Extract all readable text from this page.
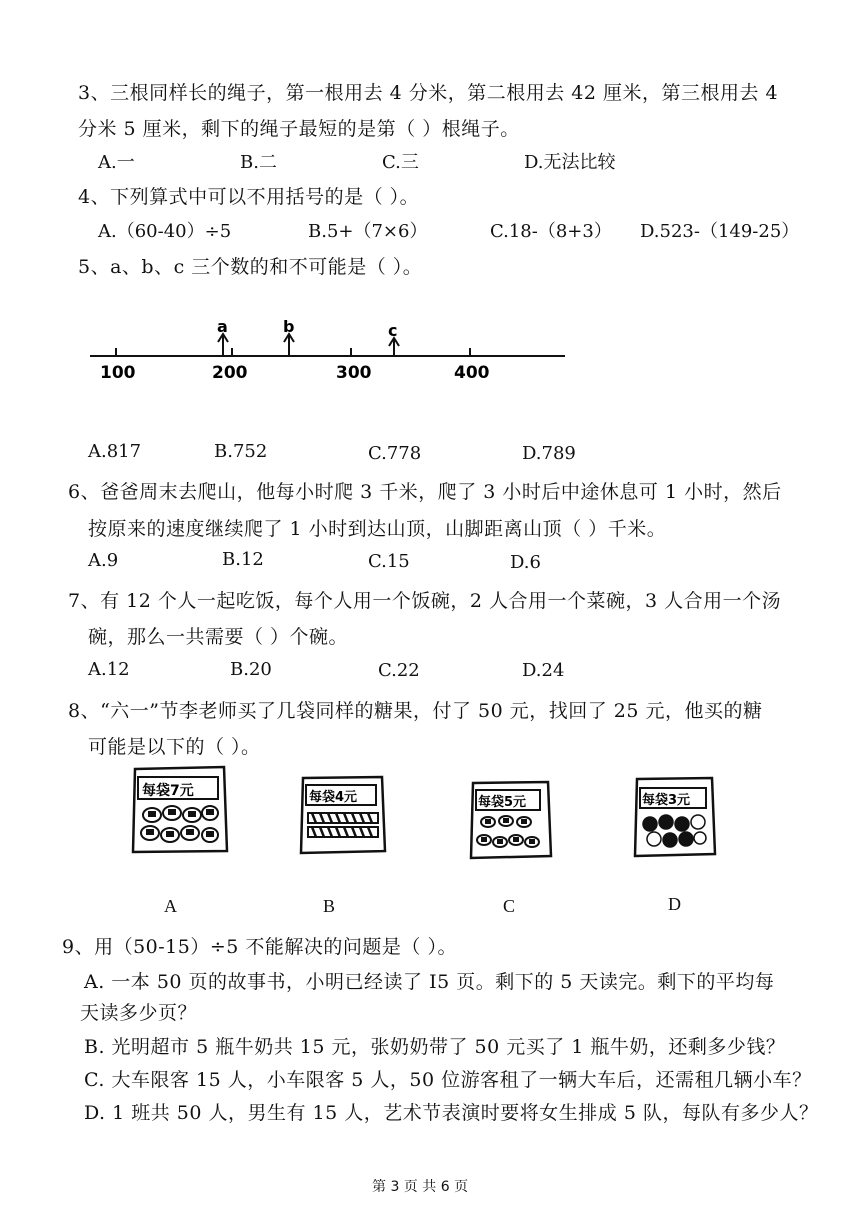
3、三根同样长的绳子，第一根用去 4 分米，第二根用去 42 厘米，第三根用去 4
分米 5 厘米，剩下的绳子最短的是第（ ）根绳子。
A.一	B.二	C.三	D.无法比较
4、下列算式中可以不用括号的是（ ）。
A.（60-40）÷5	B.5+（7×6）	C.18-（8+3） D.523-（149-25）
5、a、b、c 三个数的和不可能是（ ）。
a	b	c
100	200	300	400
A.817	B.752	C.778	D.789
6、爸爸周末去爬山，他每小时爬 3 千米，爬了 3 小时后中途休息可 1 小时，然后
按原来的速度继续爬了 1 小时到达山顶，山脚距离山顶（ ）千米。
A.9	B.12	C.15	D.6
7、有 12 个人一起吃饭，每个人用一个饭碗，2 人合用一个菜碗，3 人合用一个汤
碗，那么一共需要（ ）个碗。
A.12	B.20	C.22	D.24
8、“六一”节李老师买了几袋同样的糖果，付了 50 元，找回了 25 元，他买的糖
可能是以下的（ ）。
每袋7元
A
每袋4元
B
每袋5元
C
每袋3元
D
9、用（50-15）÷5 不能解决的问题是（ ）。
A. 一本 50 页的故事书，小明已经读了 I5 页。剩下的 5 天读完。剩下的平均每
天读多少页？
B. 光明超市 5 瓶牛奶共 15 元，张奶奶带了 50 元买了 1 瓶牛奶，还剩多少钱？
C. 大车限客 15 人，小车限客 5 人，50 位游客租了一辆大车后，还需租几辆小车？
D. 1 班共 50 人，男生有 15 人，艺术节表演时要将女生排成 5 队，每队有多少人？
第 3 页 共 6 页
